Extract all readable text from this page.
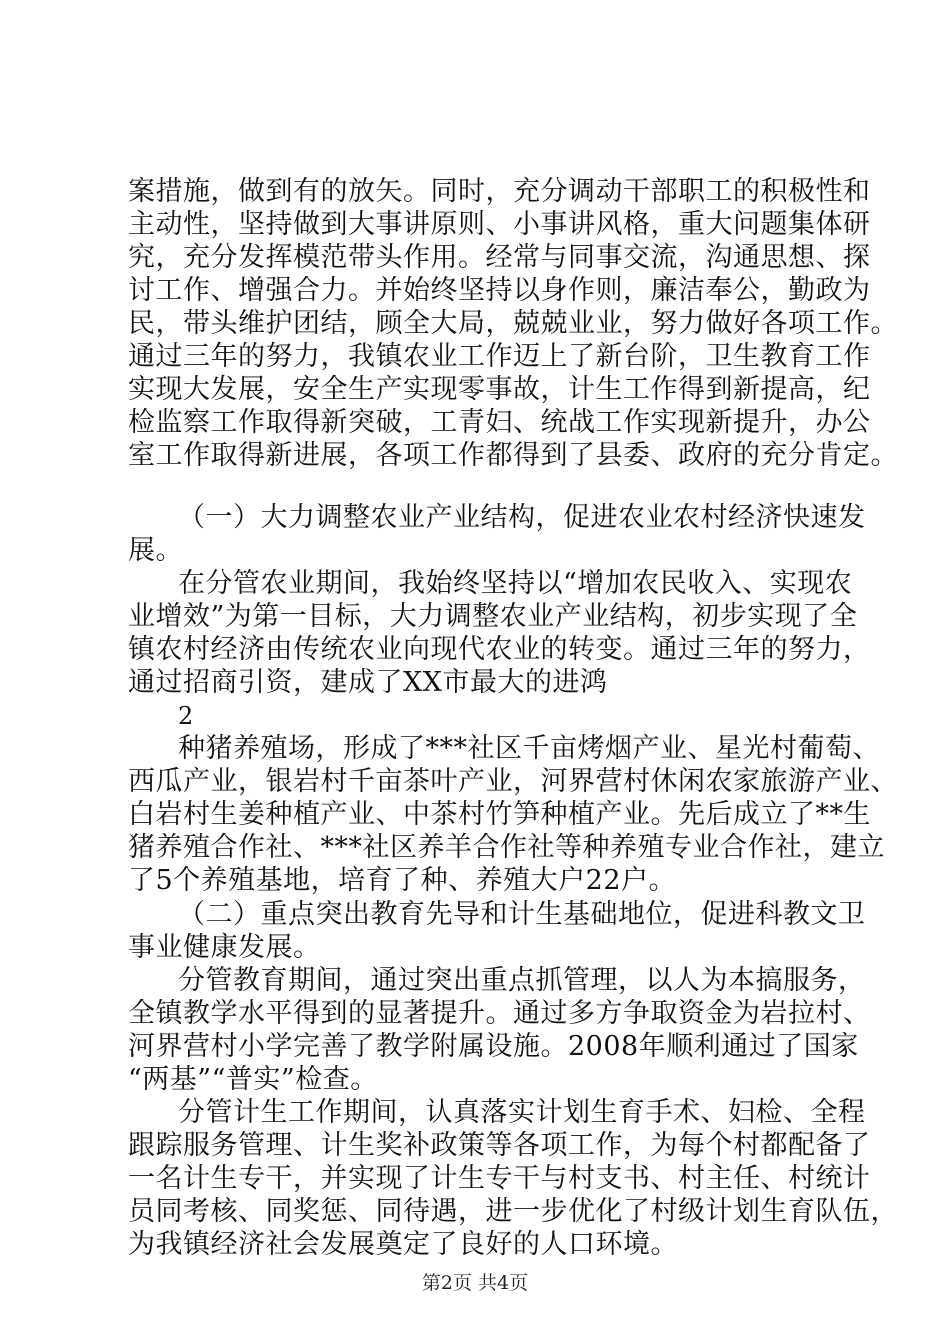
案措施，做到有的放矢。同时，充分调动干部职工的积极性和
主动性，坚持做到大事讲原则、小事讲风格，重大问题集体研
究，充分发挥模范带头作用。经常与同事交流，沟通思想、探
讨工作、增强合力。并始终坚持以身作则，廉洁奉公，勤政为
民，带头维护团结，顾全大局，兢兢业业，努力做好各项工作。
通过三年的努力，我镇农业工作迈上了新台阶，卫生教育工作
实现大发展，安全生产实现零事故，计生工作得到新提高，纪
检监察工作取得新突破，工青妇、统战工作实现新提升，办公
室工作取得新进展，各项工作都得到了县委、政府的充分肯定。
（一）大力调整农业产业结构，促进农业农村经济快速发
展。
在分管农业期间，我始终坚持以“增加农民收入、实现农
业增效”为第一目标，大力调整农业产业结构，初步实现了全
镇农村经济由传统农业向现代农业的转变。通过三年的努力，
通过招商引资，建成了XX市最大的进鸿
2
种猪养殖场，形成了***社区千亩烤烟产业、星光村葡萄、
西瓜产业，银岩村千亩茶叶产业，河界营村休闲农家旅游产业、
白岩村生姜种植产业、中茶村竹笋种植产业。先后成立了**生
猪养殖合作社、***社区养羊合作社等种养殖专业合作社，建立
了5个养殖基地，培育了种、养殖大户22户。
（二）重点突出教育先导和计生基础地位，促进科教文卫
事业健康发展。
分管教育期间，通过突出重点抓管理，以人为本搞服务，
全镇教学水平得到的显著提升。通过多方争取资金为岩拉村、
河界营村小学完善了教学附属设施。2008年顺利通过了国家
“两基”“普实”检查。
分管计生工作期间，认真落实计划生育手术、妇检、全程
跟踪服务管理、计生奖补政策等各项工作，为每个村都配备了
一名计生专干，并实现了计生专干与村支书、村主任、村统计
员同考核、同奖惩、同待遇，进一步优化了村级计划生育队伍，
为我镇经济社会发展奠定了良好的人口环境。
第2页 共4页
